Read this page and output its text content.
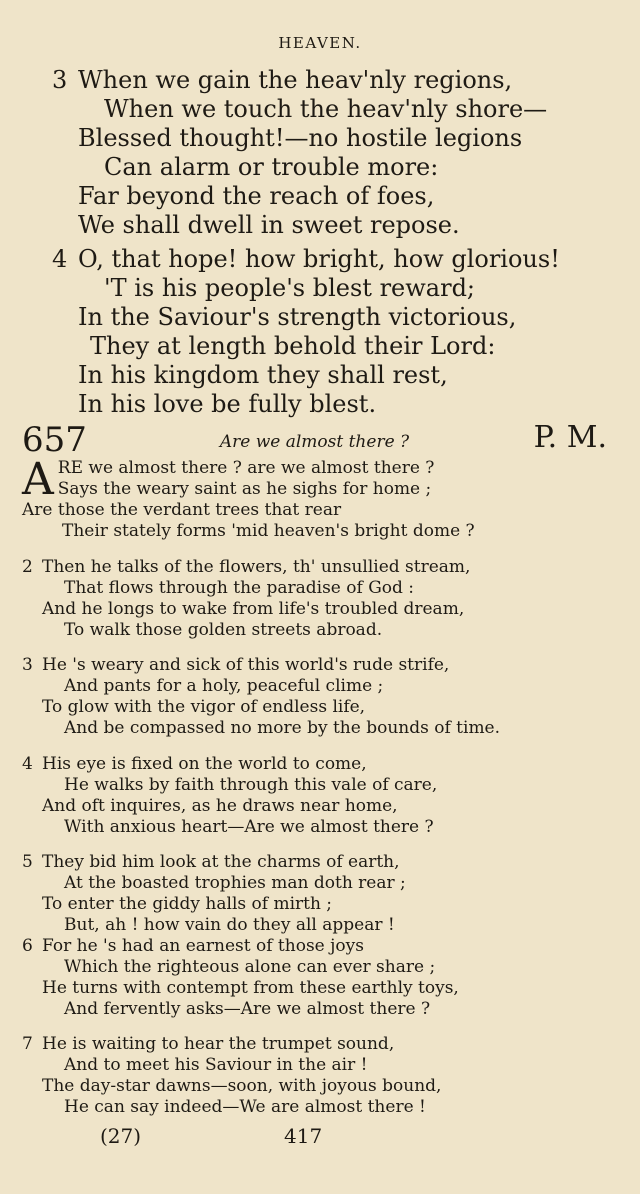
HEAVEN.
3 When we gain the heav'nly regions,
When we touch the heav'nly shore—
Blessed thought!—no hostile legions
Can alarm or trouble more:
Far beyond the reach of foes,
We shall dwell in sweet repose.
4 O, that hope! how bright, how glorious!
'T is his people's blest reward;
In the Saviour's strength victorious,
They at length behold their Lord:
In his kingdom they shall rest,
In his love be fully blest.
657	Are we almost there ?	P. M.
A RE we almost there ? are we almost there ?
Says the weary saint as he sighs for home ;
Are those the verdant trees that rear
Their stately forms 'mid heaven's bright dome ?
2 Then he talks of the flowers, th' unsullied stream,
That flows through the paradise of God :
And he longs to wake from life's troubled dream,
To walk those golden streets abroad.
3 He 's weary and sick of this world's rude strife,
And pants for a holy, peaceful clime ;
To glow with the vigor of endless life,
And be compassed no more by the bounds of time.
4 His eye is fixed on the world to come,
He walks by faith through this vale of care,
And oft inquires, as he draws near home,
With anxious heart—Are we almost there ?
5 They bid him look at the charms of earth,
At the boasted trophies man doth rear ;
To enter the giddy halls of mirth ;
But, ah ! how vain do they all appear !
6 For he 's had an earnest of those joys
Which the righteous alone can ever share ;
He turns with contempt from these earthly toys,
And fervently asks—Are we almost there ?
7 He is waiting to hear the trumpet sound,
And to meet his Saviour in the air !
The day-star dawns—soon, with joyous bound,
He can say indeed—We are almost there !
(27)	417
